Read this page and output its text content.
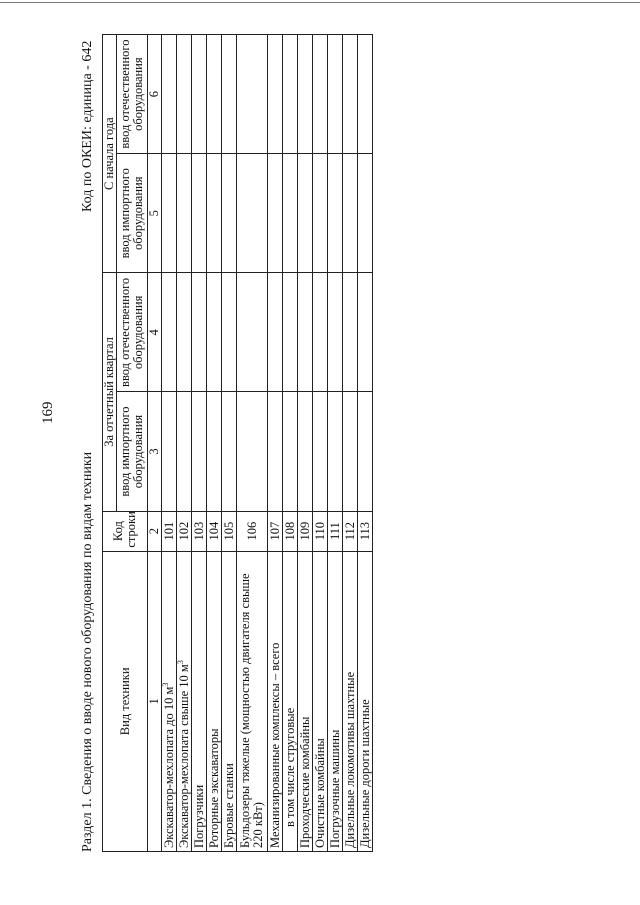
169
Раздел 1. Сведения о вводе нового оборудования по видам техники
Код по ОКЕИ: единица - 642
Вид техники	Код строки	За отчетный квартал		С начала года	
		ввод импортного оборудования	ввод отечественного оборудования	ввод импортного оборудования	ввод отечественного оборудования
1	2	3	4	5	6
Экскаватор-мехлопата до 10 $м^3$	101				
Экскаватор-мехлопата свыше 10 $м^3$	102				
Погрузчики	103				
Роторные экскаваторы	104				
Буровые станки	105				
Бульдозеры тяжелые (мощностью двигателя свыше 220 кВт)	106				
Механизированные комплексы – всего	107				
в том числе струговые	108				
Проходческие комбайны	109				
Очистные комбайны	110				
Погрузочные машины	111				
Дизельные локомотивы шахтные	112				
Дизельные дороги шахтные	113				
